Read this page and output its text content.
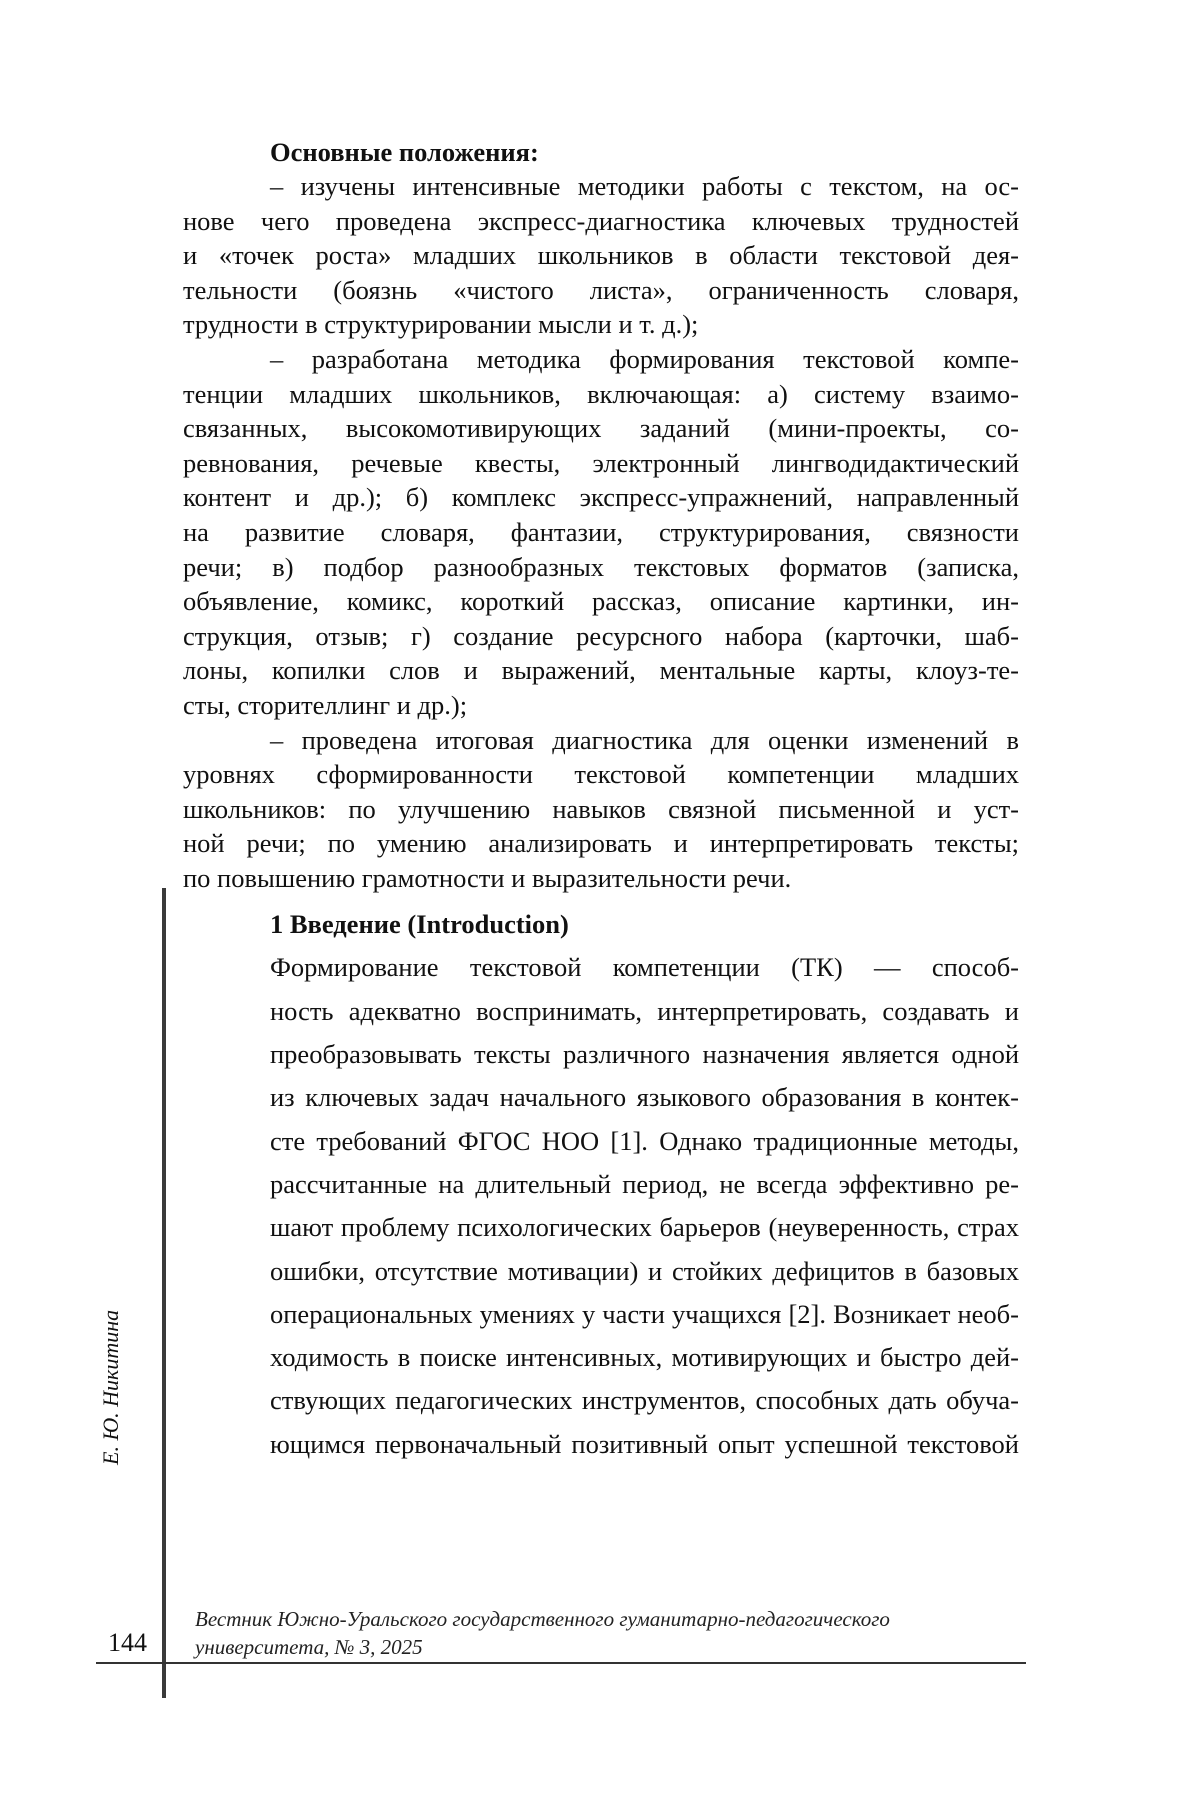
Основные положения:

– изучены интенсивные методики работы с текстом, на ос-
нове чего проведена экспресс-диагностика ключевых трудностей
и «точек роста» младших школьников в области текстовой дея-
тельности (боязнь «чистого листа», ограниченность словаря,
трудности в структурировании мысли и т. д.);
– разработана методика формирования текстовой компе-
тенции младших школьников, включающая: а) систему взаимо-
связанных, высокомотивирующих заданий (мини-проекты, со-
ревнования, речевые квесты, электронный лингводидактический
контент и др.); б) комплекс экспресс-упражнений, направленный
на развитие словаря, фантазии, структурирования, связности
речи; в) подбор разнообразных текстовых форматов (записка,
объявление, комикс, короткий рассказ, описание картинки, ин-
струкция, отзыв; г) создание ресурсного набора (карточки, шаб-
лоны, копилки слов и выражений, ментальные карты, клоуз-те-
сты, сторителлинг и др.);
– проведена итоговая диагностика для оценки изменений в
уровнях сформированности текстовой компетенции младших
школьников: по улучшению навыков связной письменной и уст-
ной речи; по умению анализировать и интерпретировать тексты;
по повышению грамотности и выразительности речи.

1 Введение (Introduction)

Формирование текстовой компетенции (ТК) — способ-
ность адекватно воспринимать, интерпретировать, создавать и
преобразовывать тексты различного назначения является одной
из ключевых задач начального языкового образования в контек-
сте требований ФГОС НОО [1]. Однако традиционные методы,
рассчитанные на длительный период, не всегда эффективно ре-
шают проблему психологических барьеров (неуверенность, страх
ошибки, отсутствие мотивации) и стойких дефицитов в базовых
операциональных умениях у части учащихся [2]. Возникает необ-
ходимость в поиске интенсивных, мотивирующих и быстро дей-
ствующих педагогических инструментов, способных дать обуча-
ющимся первоначальный позитивный опыт успешной текстовой
Е. Ю. Никитина
144
Вестник Южно-Уральского государственного гуманитарно-педагогического
университета, № 3, 2025
